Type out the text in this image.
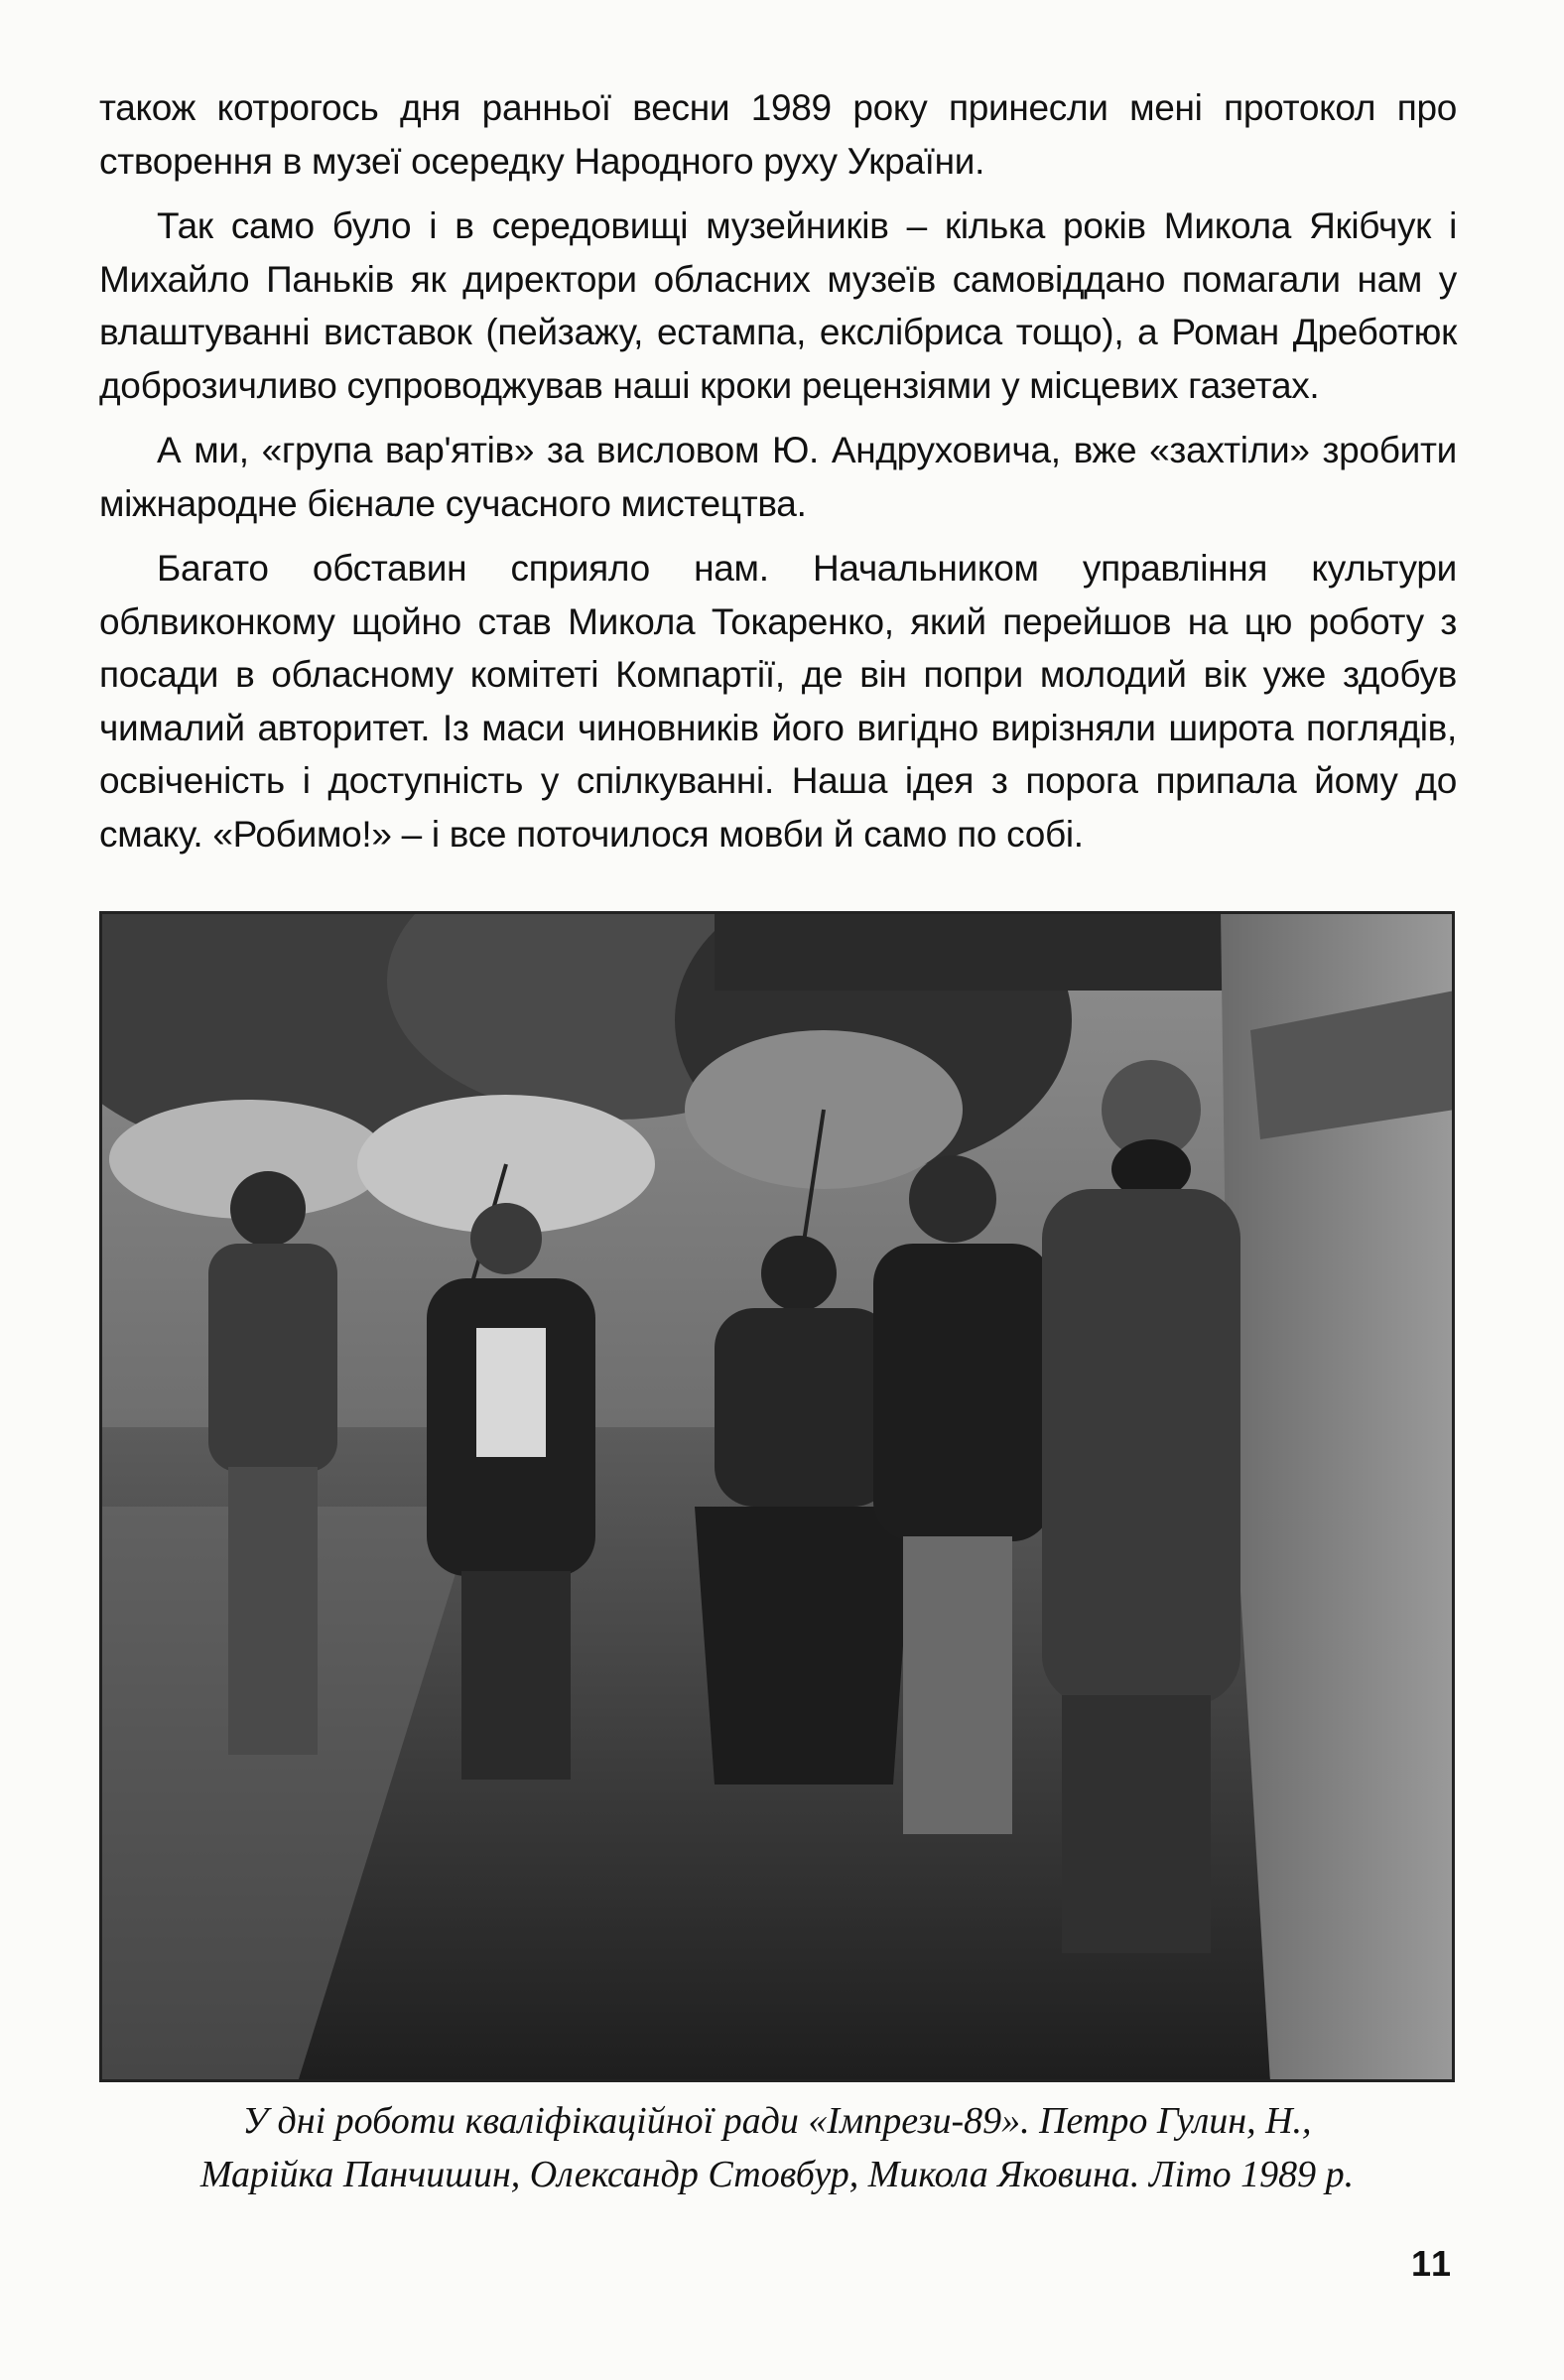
також котрогось дня ранньої весни 1989 року принесли мені протокол про створення в музеї осередку Народного руху України.

Так само було і в середовищі музейників – кілька років Микола Якібчук і Михайло Паньків як директори обласних музеїв самовіддано помагали нам у влаштуванні виставок (пейзажу, естампа, екслібриса тощо), а Роман Дреботюк доброзичливо супроводжував наші кроки рецензіями у місцевих газетах.

А ми, «група вар'ятів» за висловом Ю. Андруховича, вже «захтіли» зробити міжнародне бієнале сучасного мистецтва.

Багато обставин сприяло нам. Начальником управління культури облвиконкому щойно став Микола Токаренко, який перейшов на цю роботу з посади в обласному комітеті Компартії, де він попри молодий вік уже здобув чималий авторитет. Із маси чиновників його вигідно вирізняли широта поглядів, освіченість і доступність у спілкуванні. Наша ідея з порога припала йому до смаку. «Робимо!» – і все поточилося мовби й само по собі.

У дні роботи кваліфікаційної ради «Імпрези-89». Петро Гулин, Н.,
Марійка Панчишин, Олександр Стовбур, Микола Яковина. Літо 1989 р.
11
